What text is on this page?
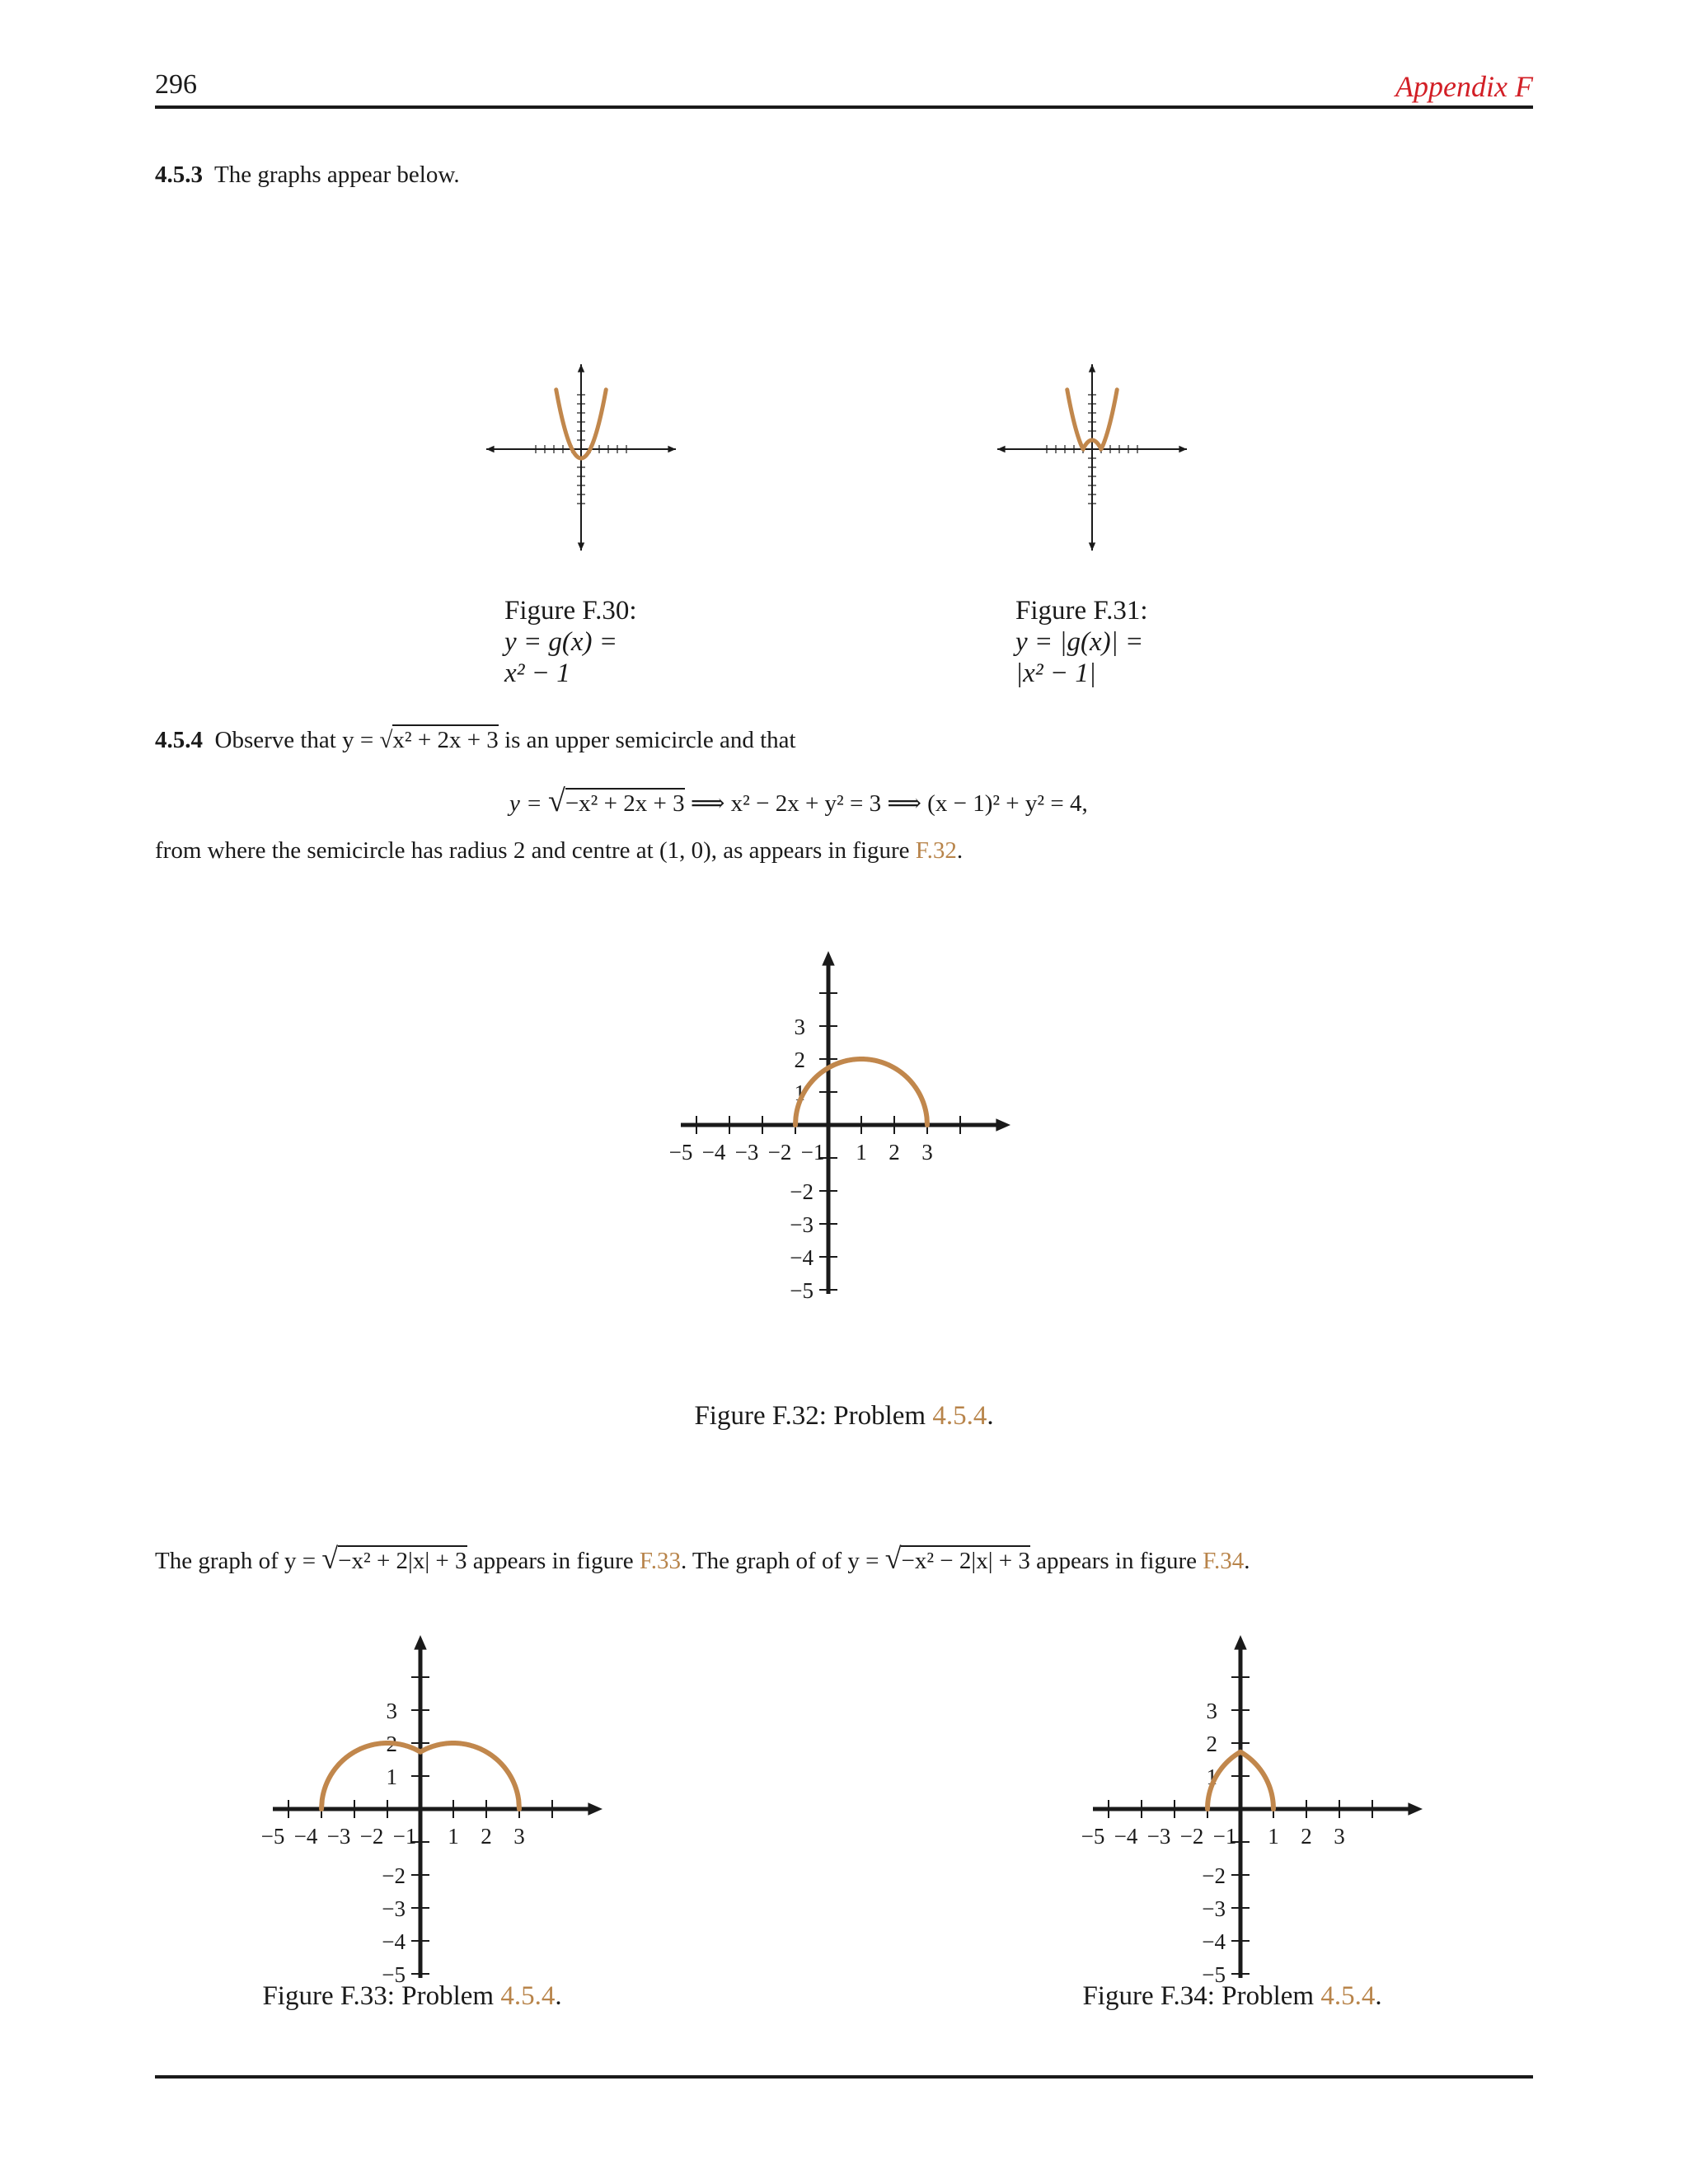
296	Appendix F
4.5.3 The graphs appear below.
Figure F.30:
y = g(x) =
x² − 1
Figure F.31:
y = |g(x)| =
|x² − 1|
4.5.4 Observe that y = √x² + 2x + 3 is an upper semicircle and that
y = √−x² + 2x + 3 ⟹ x² − 2x + y² = 3 ⟹ (x − 1)² + y² = 4,
from where the semicircle has radius 2 and centre at (1, 0), as appears in figure F.32.
−5 −4 −3 −2 −1 1 2 3
3
2
1
−2
−3
−4
−5
Figure F.32: Problem 4.5.4.
The graph of y = √−x² + 2|x| + 3 appears in figure F.33. The graph of of y = √−x² − 2|x| + 3 appears in figure F.34.
−5 −4 −3 −2 −1 1 2 3
3
2
1
−2
−3
−4
−5
−5 −4 −3 −2 −1 1 2 3
3
2
1
−2
−3
−4
−5
Figure F.33: Problem 4.5.4.	Figure F.34: Problem 4.5.4.
